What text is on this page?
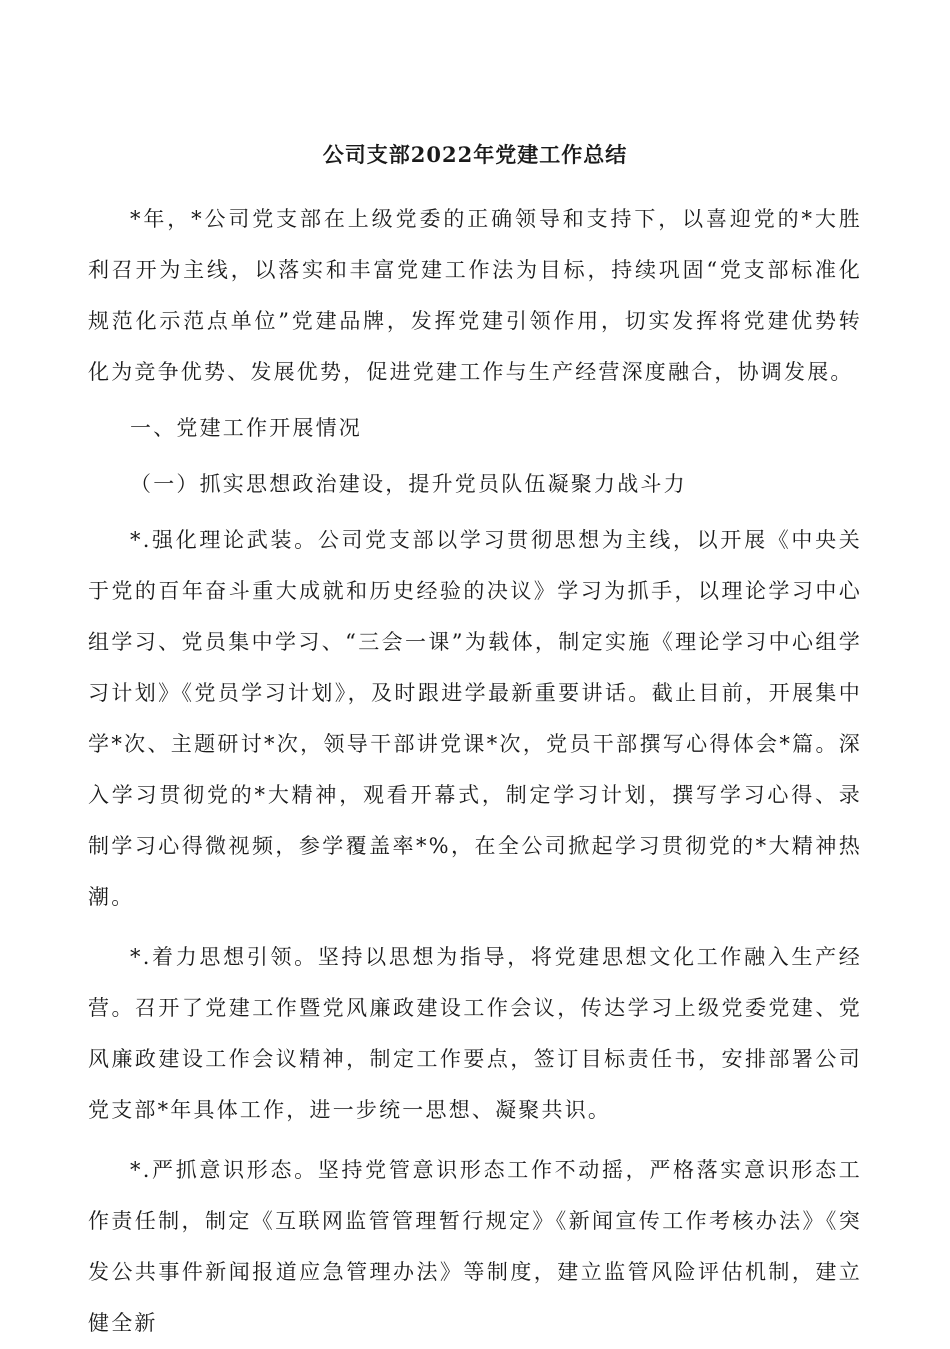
公司支部2022年党建工作总结

*年，*公司党支部在上级党委的正确领导和支持下，以喜迎党的*大胜利召开为主线，以落实和丰富党建工作法为目标，持续巩固“党支部标准化规范化示范点单位”党建品牌，发挥党建引领作用，切实发挥将党建优势转化为竞争优势、发展优势，促进党建工作与生产经营深度融合，协调发展。

一、党建工作开展情况

（一）抓实思想政治建设，提升党员队伍凝聚力战斗力

*.强化理论武装。公司党支部以学习贯彻思想为主线，以开展《中央关于党的百年奋斗重大成就和历史经验的决议》学习为抓手，以理论学习中心组学习、党员集中学习、“三会一课”为载体，制定实施《理论学习中心组学习计划》《党员学习计划》，及时跟进学最新重要讲话。截止目前，开展集中学*次、主题研讨*次，领导干部讲党课*次，党员干部撰写心得体会*篇。深入学习贯彻党的*大精神，观看开幕式，制定学习计划，撰写学习心得、录制学习心得微视频，参学覆盖率*%，在全公司掀起学习贯彻党的*大精神热潮。

*.着力思想引领。坚持以思想为指导，将党建思想文化工作融入生产经营。召开了党建工作暨党风廉政建设工作会议，传达学习上级党委党建、党风廉政建设工作会议精神，制定工作要点，签订目标责任书，安排部署公司党支部*年具体工作，进一步统一思想、凝聚共识。

*.严抓意识形态。坚持党管意识形态工作不动摇，严格落实意识形态工作责任制，制定《互联网监管管理暂行规定》《新闻宣传工作考核办法》《突发公共事件新闻报道应急管理办法》等制度，建立监管风险评估机制，建立健全新
